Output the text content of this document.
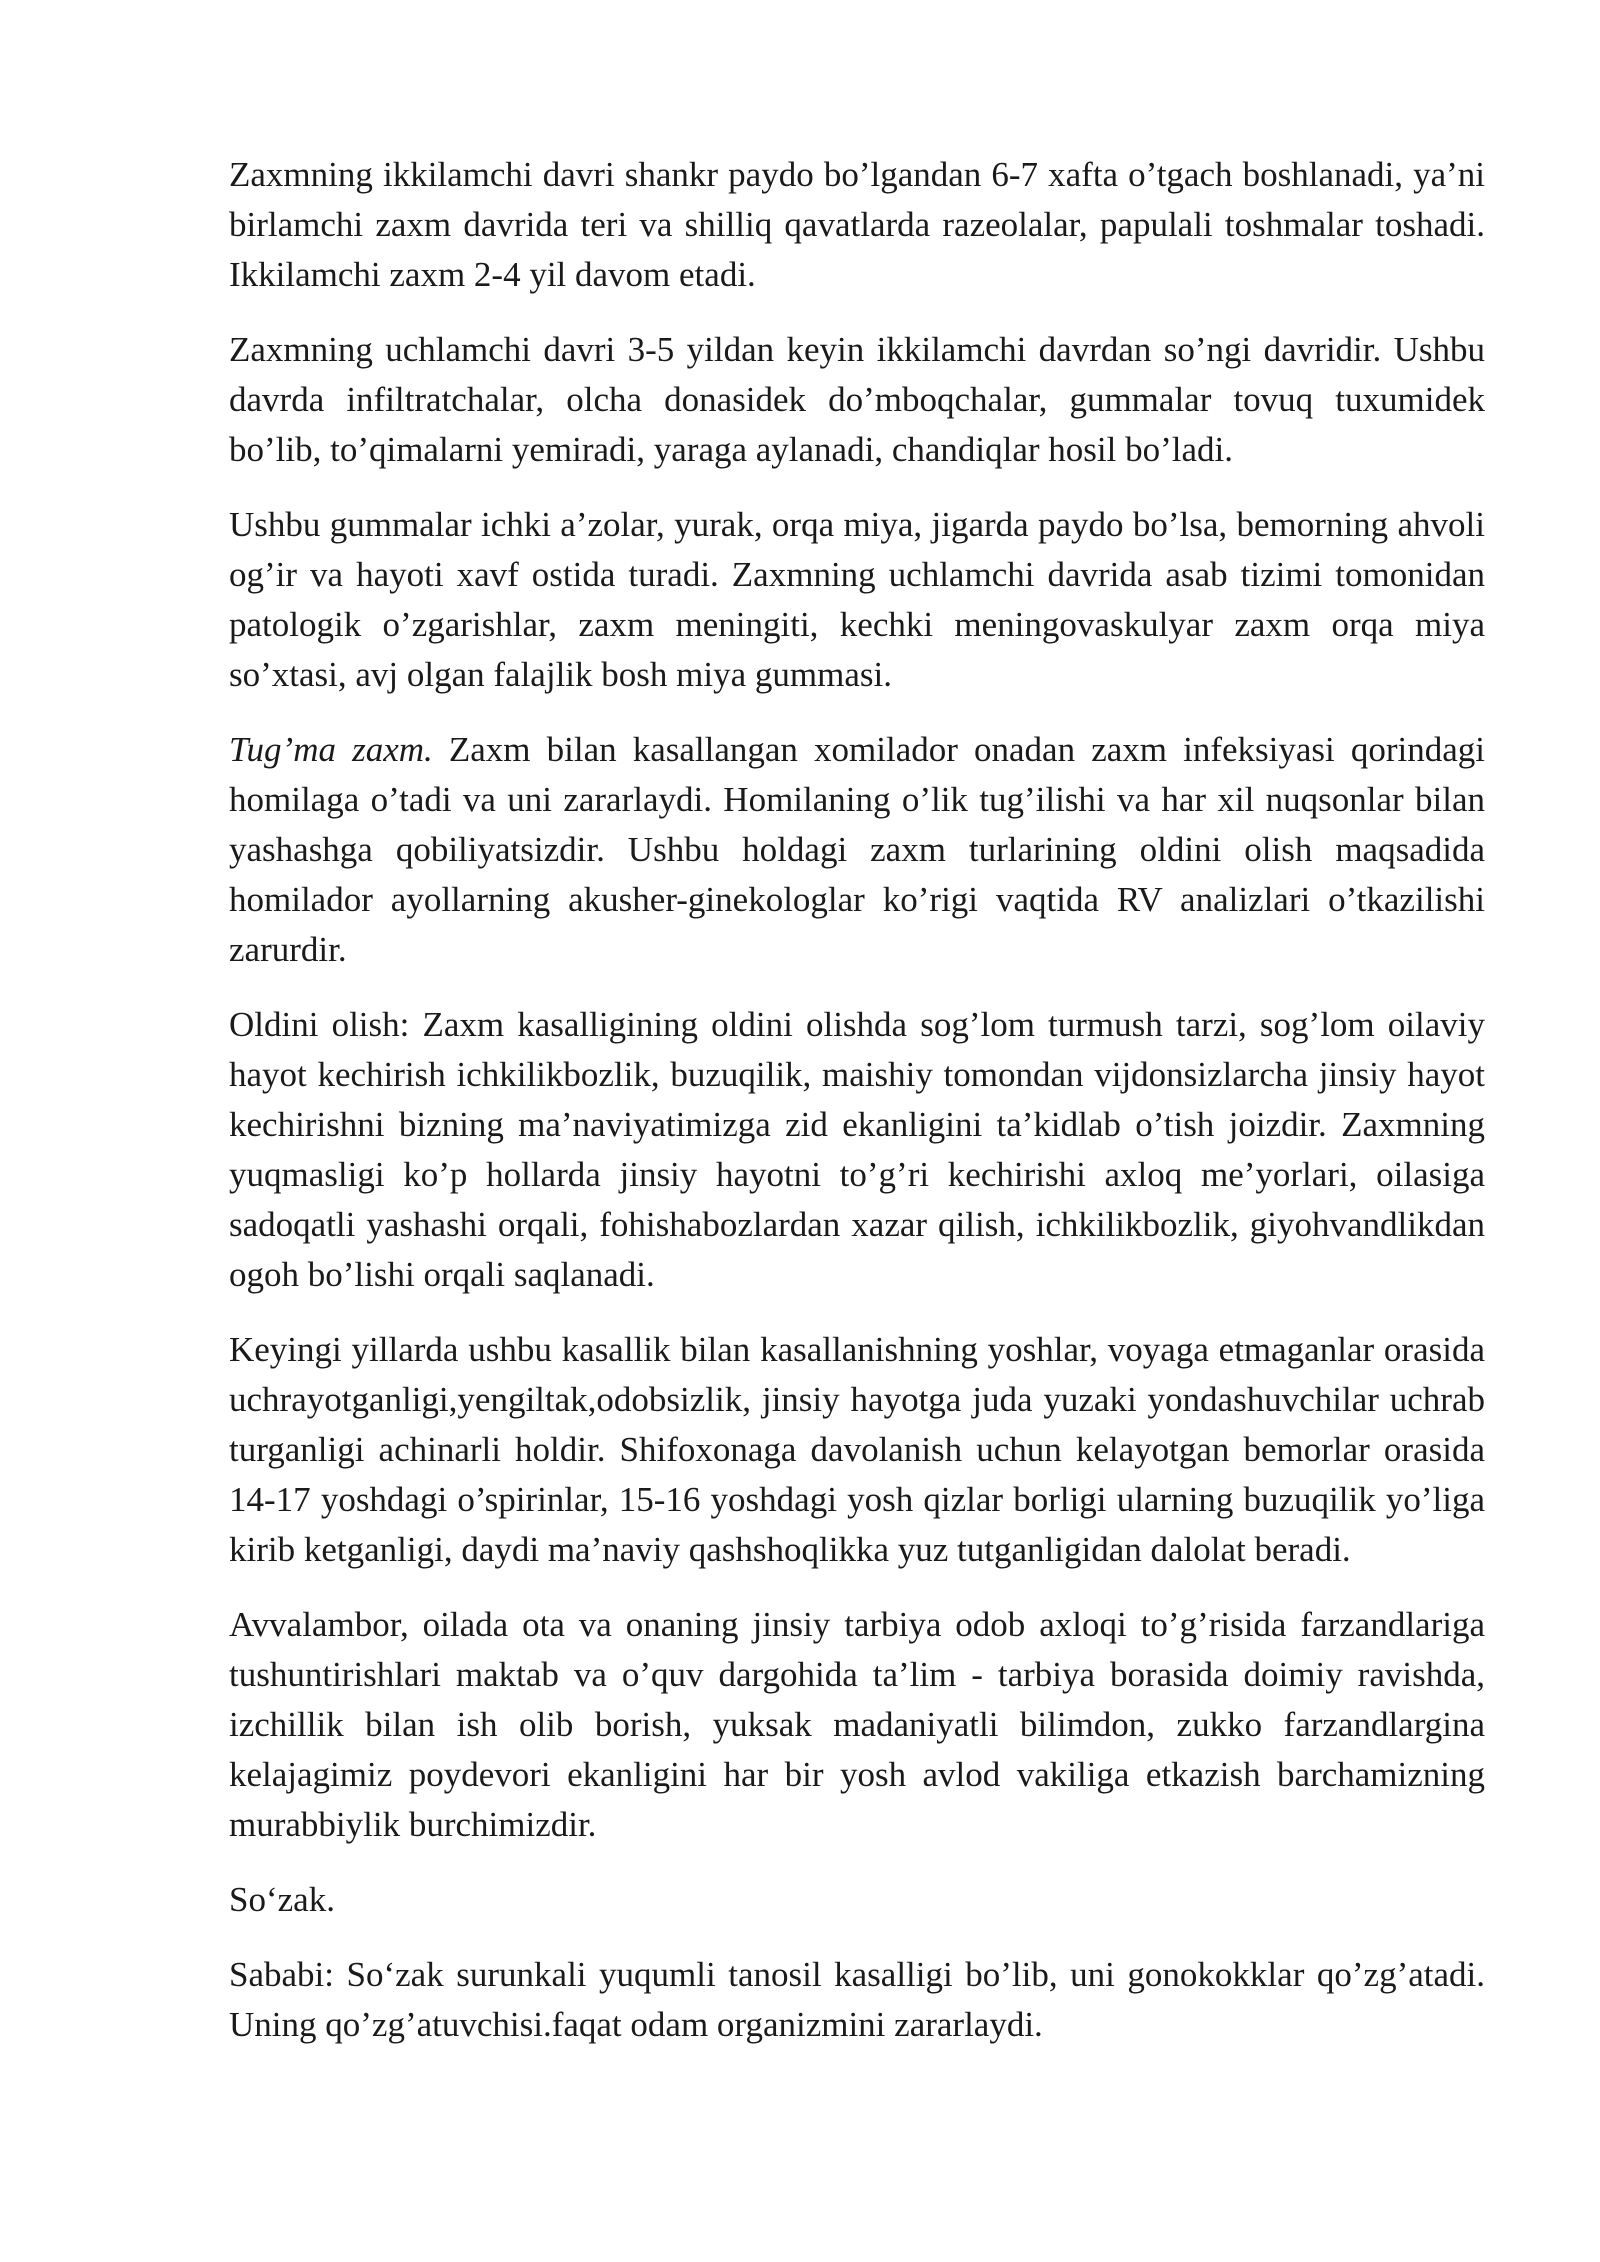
Zaxmning ikkilamchi davri shankr paydo bo’lgandan 6-7 xafta o’tgach boshlanadi, ya’ni birlamchi zaxm davrida teri va shilliq qavatlarda razeolalar, papulali toshmalar toshadi. Ikkilamchi zaxm 2-4 yil davom etadi.

Zaxmning uchlamchi davri 3-5 yildan keyin ikkilamchi davrdan so’ngi davridir. Ushbu davrda infiltratchalar, olcha donasidek do’mboqchalar, gummalar tovuq tuxumidek bo’lib, to’qimalarni yemiradi, yaraga aylanadi, chandiqlar hosil bo’ladi.

Ushbu gummalar ichki a’zolar, yurak, orqa miya, jigarda paydo bo’lsa, bemorning ahvoli og’ir va hayoti xavf ostida turadi. Zaxmning uchlamchi davrida asab tizimi tomonidan patologik o’zgarishlar, zaxm meningiti, kechki meningovaskulyar zaxm orqa miya so’xtasi, avj olgan falajlik bosh miya gummasi.

Tug’ma zaxm. Zaxm bilan kasallangan xomilador onadan zaxm infeksiyasi qorindagi homilaga o’tadi va uni zararlaydi. Homilaning o’lik tug’ilishi va har xil nuqsonlar bilan yashashga qobiliyatsizdir. Ushbu holdagi zaxm turlarining oldini olish maqsadida homilador ayollarning akusher-ginekologlar ko’rigi vaqtida RV analizlari o’tkazilishi zarurdir.

Oldini olish: Zaxm kasalligining oldini olishda sog’lom turmush tarzi, sog’lom oilaviy hayot kechirish ichkilikbozlik, buzuqilik, maishiy tomondan vijdonsizlarcha jinsiy hayot kechirishni bizning ma’naviyatimizga zid ekanligini ta’kidlab o’tish joizdir. Zaxmning yuqmasligi ko’p hollarda jinsiy hayotni to’g’ri kechirishi axloq me’yorlari, oilasiga sadoqatli yashashi orqali, fohishabozlardan xazar qilish, ichkilikbozlik, giyohvandlikdan ogoh bo’lishi orqali saqlanadi.

Keyingi yillarda ushbu kasallik bilan kasallanishning yoshlar, voyaga etmaganlar orasida uchrayotganligi,yengiltak,odobsizlik, jinsiy hayotga juda yuzaki yondashuvchilar uchrab turganligi achinarli holdir. Shifoxonaga davolanish uchun kelayotgan bemorlar orasida 14-17 yoshdagi o’spirinlar, 15-16 yoshdagi yosh qizlar borligi ularning buzuqilik yo’liga kirib ketganligi, daydi ma’naviy qashshoqlikka yuz tutganligidan dalolat beradi.

Avvalambor, oilada ota va onaning jinsiy tarbiya odob axloqi to’g’risida farzandlariga tushuntirishlari maktab va o’quv dargohida ta’lim - tarbiya borasida doimiy ravishda, izchillik bilan ish olib borish, yuksak madaniyatli bilimdon, zukko farzandlargina kelajagimiz poydevori ekanligini har bir yosh avlod vakiliga etkazish barchamizning murabbiylik burchimizdir.

So‘zak.

Sababi: So‘zak surunkali yuqumli tanosil kasalligi bo’lib, uni gonokokklar qo’zg’atadi. Uning qo’zg’atuvchisi.faqat odam organizmini zararlaydi.
